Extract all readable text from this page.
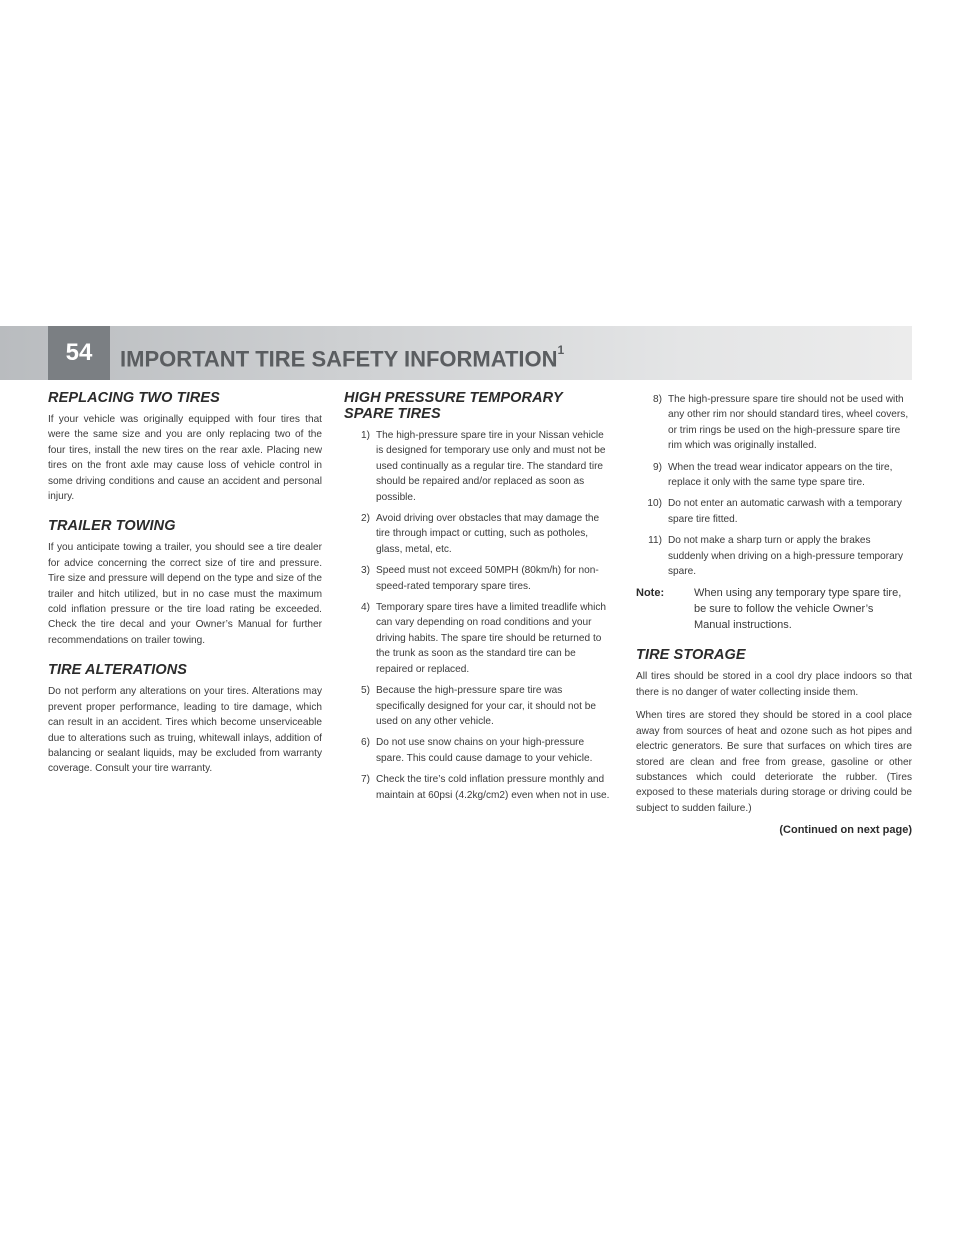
54	IMPORTANT TIRE SAFETY INFORMATION$^1$
REPLACING TWO TIRES

If your vehicle was originally equipped with four tires that were the same size and you are only replacing two of the four tires, install the new tires on the rear axle. Placing new tires on the front axle may cause loss of vehicle control in some driving conditions and cause an accident and personal injury.

TRAILER TOWING

If you anticipate towing a trailer, you should see a tire dealer for advice concerning the correct size of tire and pressure. Tire size and pressure will depend on the type and size of the trailer and hitch utilized, but in no case must the maximum cold inflation pressure or the tire load rating be exceeded. Check the tire decal and your Owner’s Manual for further recommendations on trailer towing.

TIRE ALTERATIONS

Do not perform any alterations on your tires. Alterations may prevent proper performance, leading to tire damage, which can result in an accident. Tires which become unserviceable due to alterations such as truing, whitewall inlays, addition of balancing or sealant liquids, may be excluded from warranty coverage. Consult your tire warranty.

HIGH PRESSURE TEMPORARY SPARE TIRES
1) The high-pressure spare tire in your Nissan vehicle is designed for temporary use only and must not be used continually as a regular tire. The standard tire should be repaired and/or replaced as soon as possible.
2) Avoid driving over obstacles that may damage the tire through impact or cutting, such as potholes, glass, metal, etc.
3) Speed must not exceed 50MPH (80km/h) for non-speed-rated temporary spare tires.
4) Temporary spare tires have a limited treadlife which can vary depending on road conditions and your driving habits. The spare tire should be returned to the trunk as soon as the standard tire can be repaired or replaced.
5) Because the high-pressure spare tire was specifically designed for your car, it should not be used on any other vehicle.
6) Do not use snow chains on your high-pressure spare. This could cause damage to your vehicle.
7) Check the tire’s cold inflation pressure monthly and maintain at 60psi (4.2kg/cm2) even when not in use.
8) The high-pressure spare tire should not be used with any other rim nor should standard tires, wheel covers, or trim rings be used on the high-pressure spare tire rim which was originally installed.
9) When the tread wear indicator appears on the tire, replace it only with the same type spare tire.
10) Do not enter an automatic carwash with a temporary spare tire fitted.
11) Do not make a sharp turn or apply the brakes suddenly when driving on a high-pressure temporary spare.
Note:	When using any temporary type spare tire, be sure to follow the vehicle Owner’s Manual instructions.
TIRE STORAGE

All tires should be stored in a cool dry place indoors so that there is no danger of water collecting inside them.

When tires are stored they should be stored in a cool place away from sources of heat and ozone such as hot pipes and electric generators. Be sure that surfaces on which tires are stored are clean and free from grease, gasoline or other substances which could deteriorate the rubber. (Tires exposed to these materials during storage or driving could be subject to sudden failure.)

(Continued on next page)
